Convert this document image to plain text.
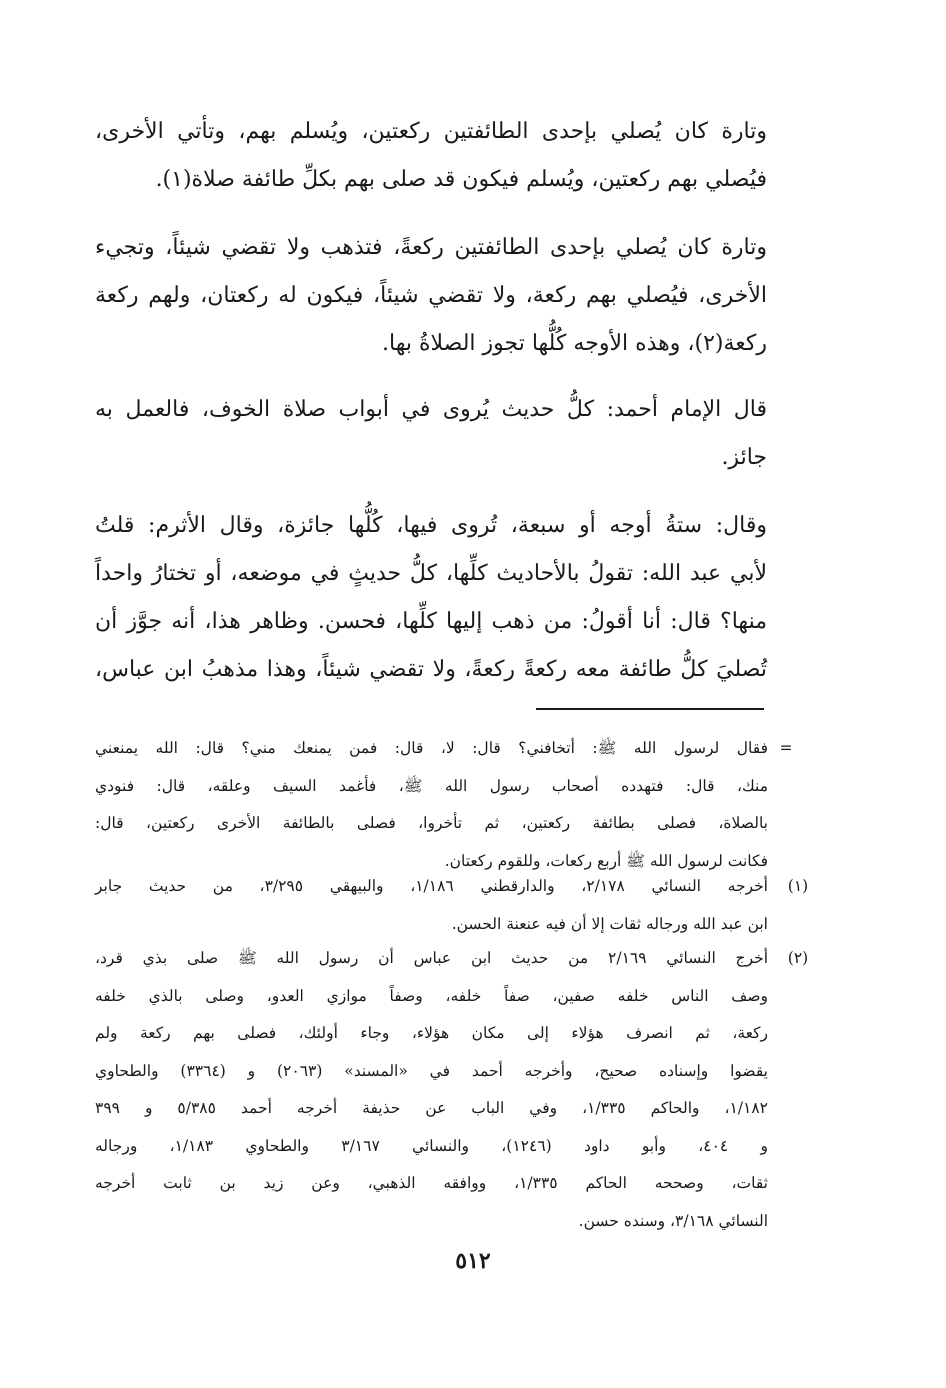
وتارة كان يُصلي بإحدى الطائفتين ركعتين، ويُسلم بهم، وتأتي الأخرى،
فيُصلي بهم ركعتين، ويُسلم فيكون قد صلى بهم بكلِّ طائفة صلاة(١).
وتارة كان يُصلي بإحدى الطائفتين ركعةً، فتذهب ولا تقضي شيئاً، وتجيء
الأخرى، فيُصلي بهم ركعة، ولا تقضي شيئاً، فيكون له ركعتان، ولهم ركعة
ركعة(٢)، وهذه الأوجه كُلُّها تجوز الصلاةُ بها.
قال الإمام أحمد: كلُّ حديث يُروى في أبواب صلاة الخوف، فالعمل به
جائز.
وقال: ستةُ أوجه أو سبعة، تُروى فيها، كُلُّها جائزة، وقال الأثرم: قلتُ
لأبي عبد الله: تقولُ بالأحاديث كلِّها، كلُّ حديثٍ في موضعه، أو تختارُ واحداً
منها؟ قال: أنا أقولُ: من ذهب إليها كلِّها، فحسن. وظاهر هذا، أنه جوَّز أن
تُصليَ كلُّ طائفة معه ركعةً ركعةً، ولا تقضي شيئاً، وهذا مذهبُ ابن عباس،
=
فقال لرسول الله ﷺ: أتخافني؟ قال: لا، قال: فمن يمنعك مني؟ قال: الله يمنعني
منك، قال: فتهدده أصحاب رسول الله ﷺ، فأغمد السيف وعلقه، قال: فنودي
بالصلاة، فصلى بطائفة ركعتين، ثم تأخروا، فصلى بالطائفة الأخرى ركعتين، قال:
فكانت لرسول الله ﷺ أربع ركعات، وللقوم ركعتان.
(١)
أخرجه النسائي ٢/١٧٨، والدارقطني ١/١٨٦، والبيهقي ٣/٢٩٥، من حديث جابر
ابن عبد الله ورجاله ثقات إلا أن فيه عنعنة الحسن.
(٢)
أخرج النسائي ٢/١٦٩ من حديث ابن عباس أن رسول الله ﷺ صلى بذي قرد،
وصف الناس خلفه صفين، صفاً خلفه، وصفاً موازي العدو، وصلى بالذي خلفه
ركعة، ثم انصرف هؤلاء إلى مكان هؤلاء، وجاء أولئك، فصلى بهم ركعة ولم
يقضوا وإسناده صحيح، وأخرجه أحمد في «المسند» (٢٠٦٣) و (٣٣٦٤) والطحاوي
١/١٨٢، والحاكم ١/٣٣٥، وفي الباب عن حذيفة أخرجه أحمد ٥/٣٨٥ و ٣٩٩
و ٤٠٤، وأبو داود (١٢٤٦)، والنسائي ٣/١٦٧ والطحاوي ١/١٨٣، ورجاله
ثقات، وصححه الحاكم ١/٣٣٥، ووافقه الذهبي، وعن زيد بن ثابت أخرجه
النسائي ٣/١٦٨، وسنده حسن.
٥١٢
